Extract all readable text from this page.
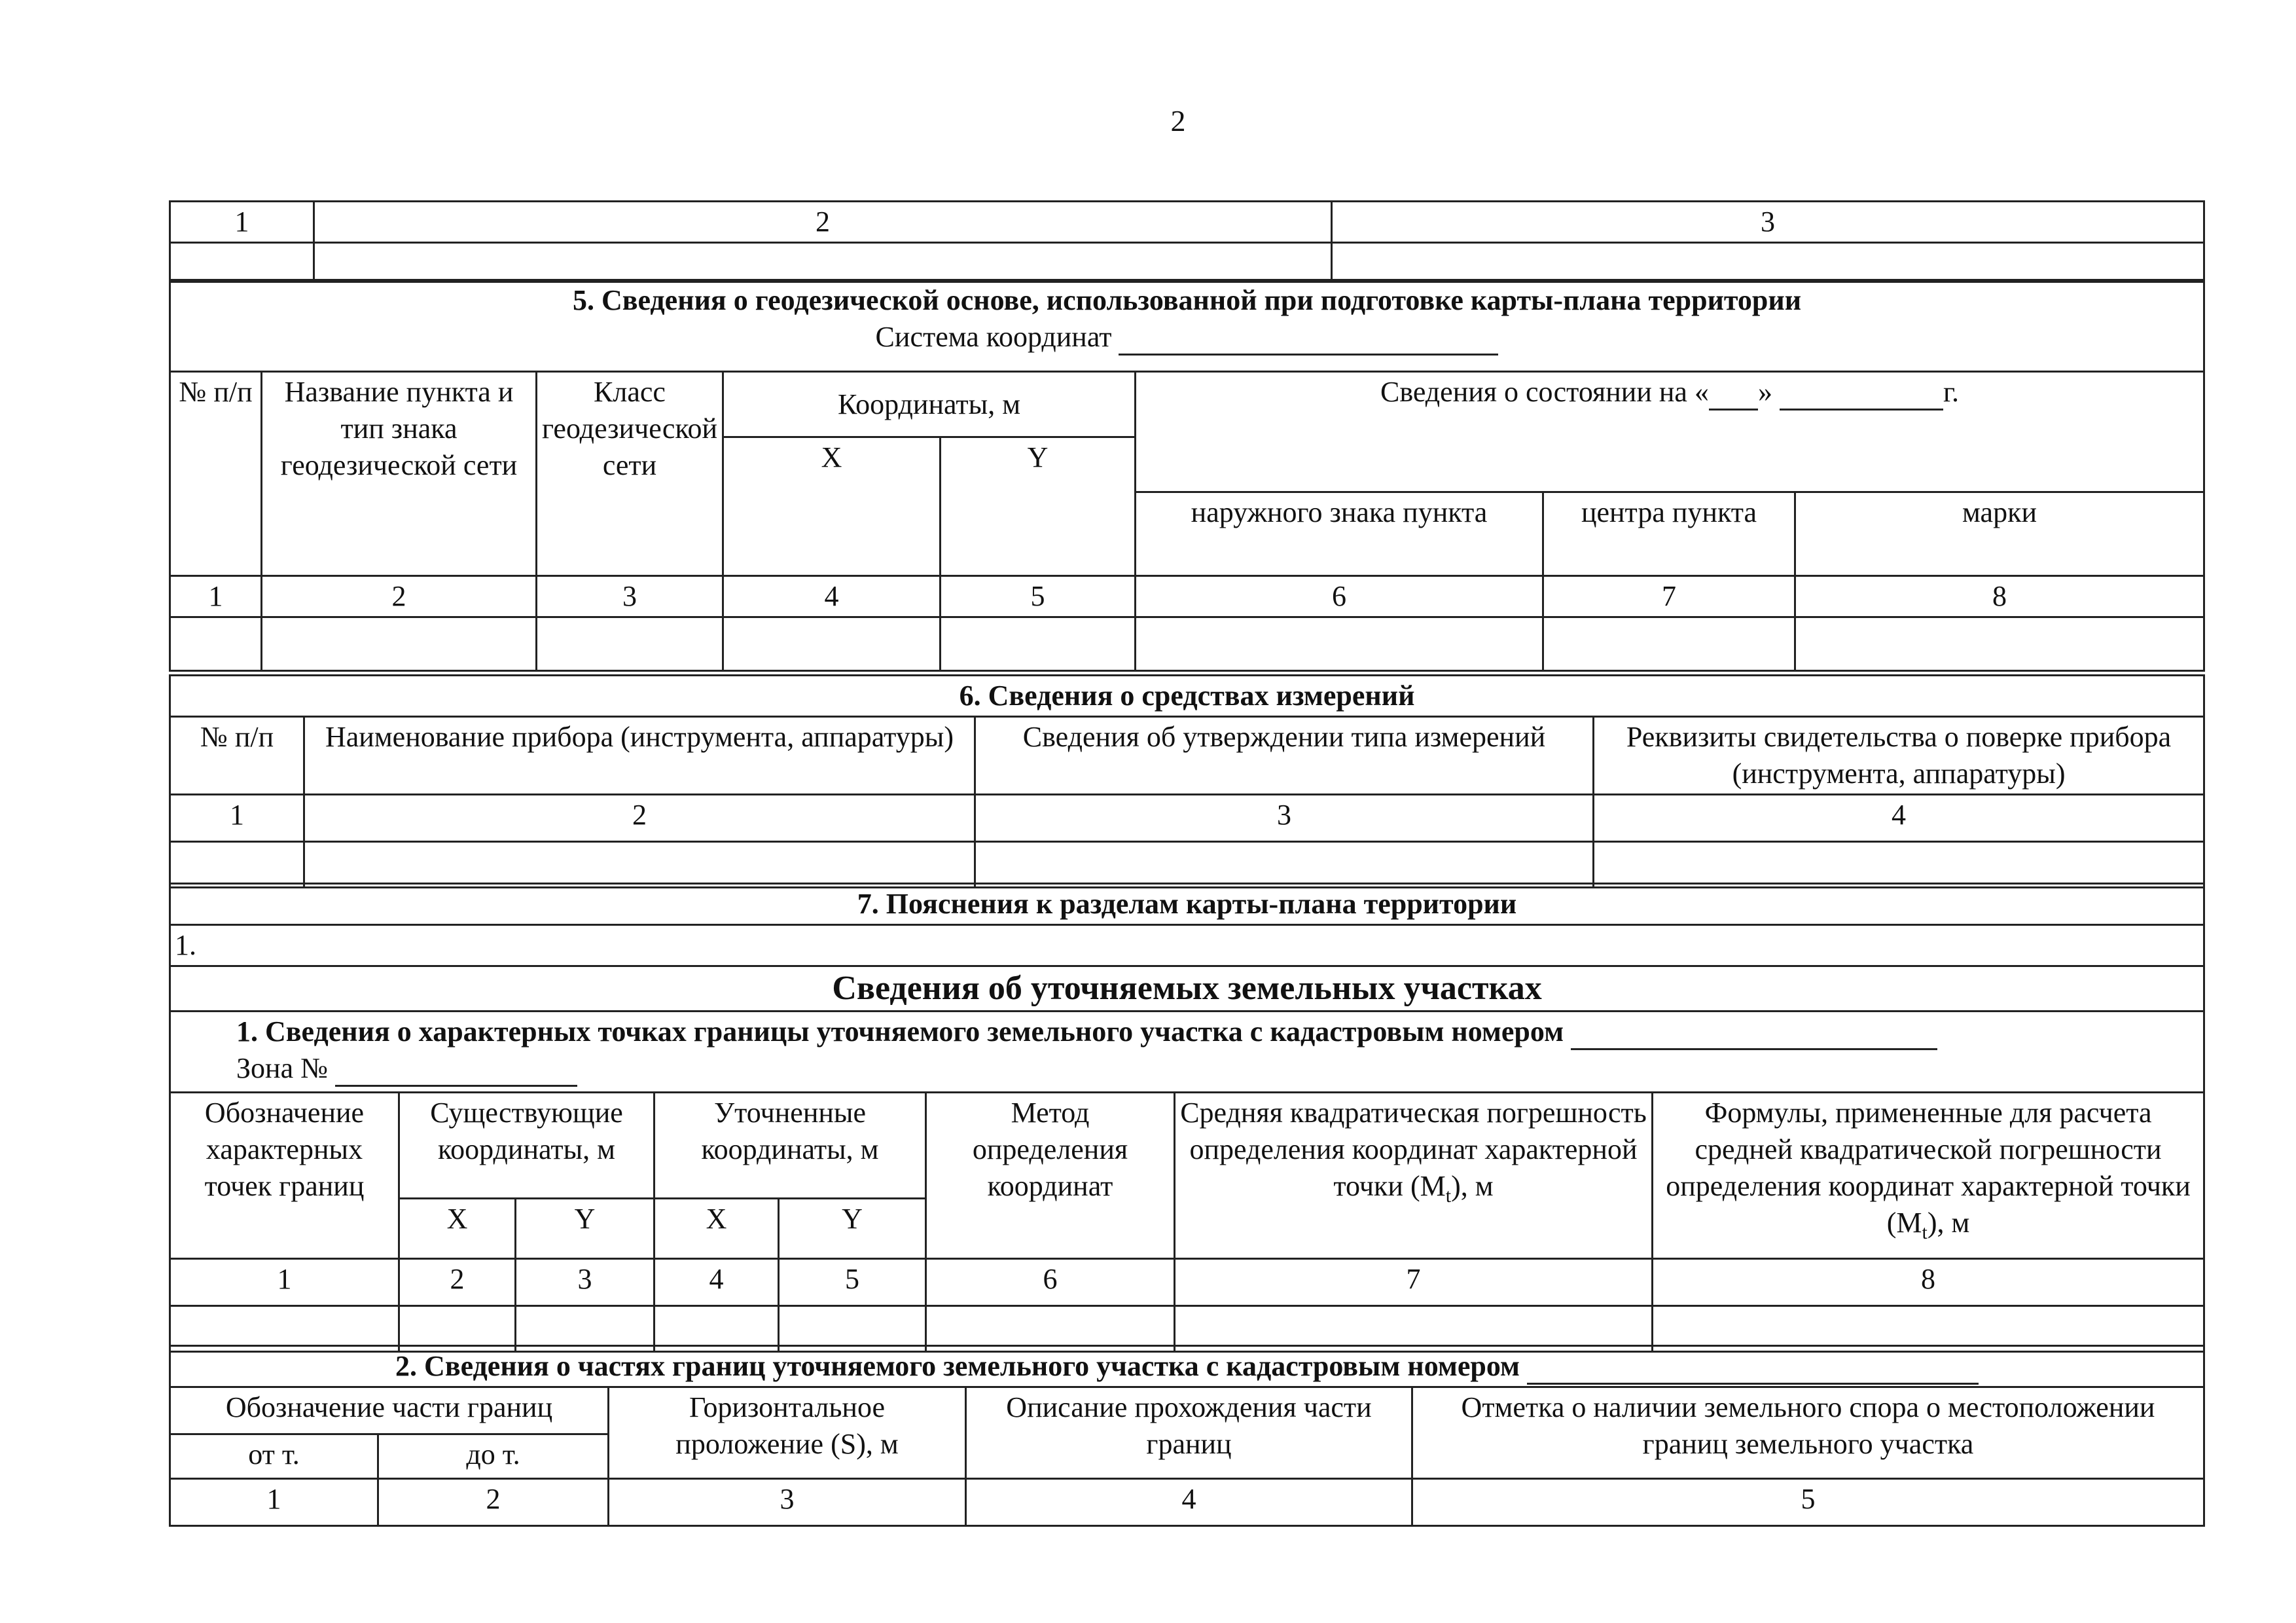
2
1	2	3

5. Сведения о геодезической основе, использованной при подготовке карты-плана территории
Система координат							

№ п/п	Название пункта и тип знака геодезической сети	Класс геодезической сети	Координаты, м		Сведения о состоянии на « » г.		
			X	Y			
					наружного знака пункта	центра пункта	марки
1	2	3	4	5	6	7	8

6. Сведения о средствах измерений			
№ п/п	Наименование прибора (инструмента, аппаратуры)	Сведения об утверждении типа измерений	Реквизиты свидетельства о поверке прибора (инструмента, аппаратуры)
1	2	3	4

7. Пояснения к разделам карты-плана территории
1.
Сведения об уточняемых земельных участках							

1. Сведения о характерных точках границы уточняемого земельного участка с кадастровым номером
Зона №							

Обозначение характерных точек границ	Существующие координаты, м		Уточненные координаты, м		Метод определения координат	Средняя квадратическая погрешность определения координат характерной точки $(M_t)$, м	Формулы, примененные для расчета средней квадратической погрешности определения координат характерной точки $(M_t)$, м
	X	Y	X	Y			
1	2	3	4	5	6	7	8

2. Сведения о частях границ уточняемого земельного участка с кадастровым номером				
Обозначение части границ		Горизонтальное проложение (S), м	Описание прохождения части границ	Отметка о наличии земельного спора о местоположении границ земельного участка
от т.	до т.			
1	2	3	4	5
